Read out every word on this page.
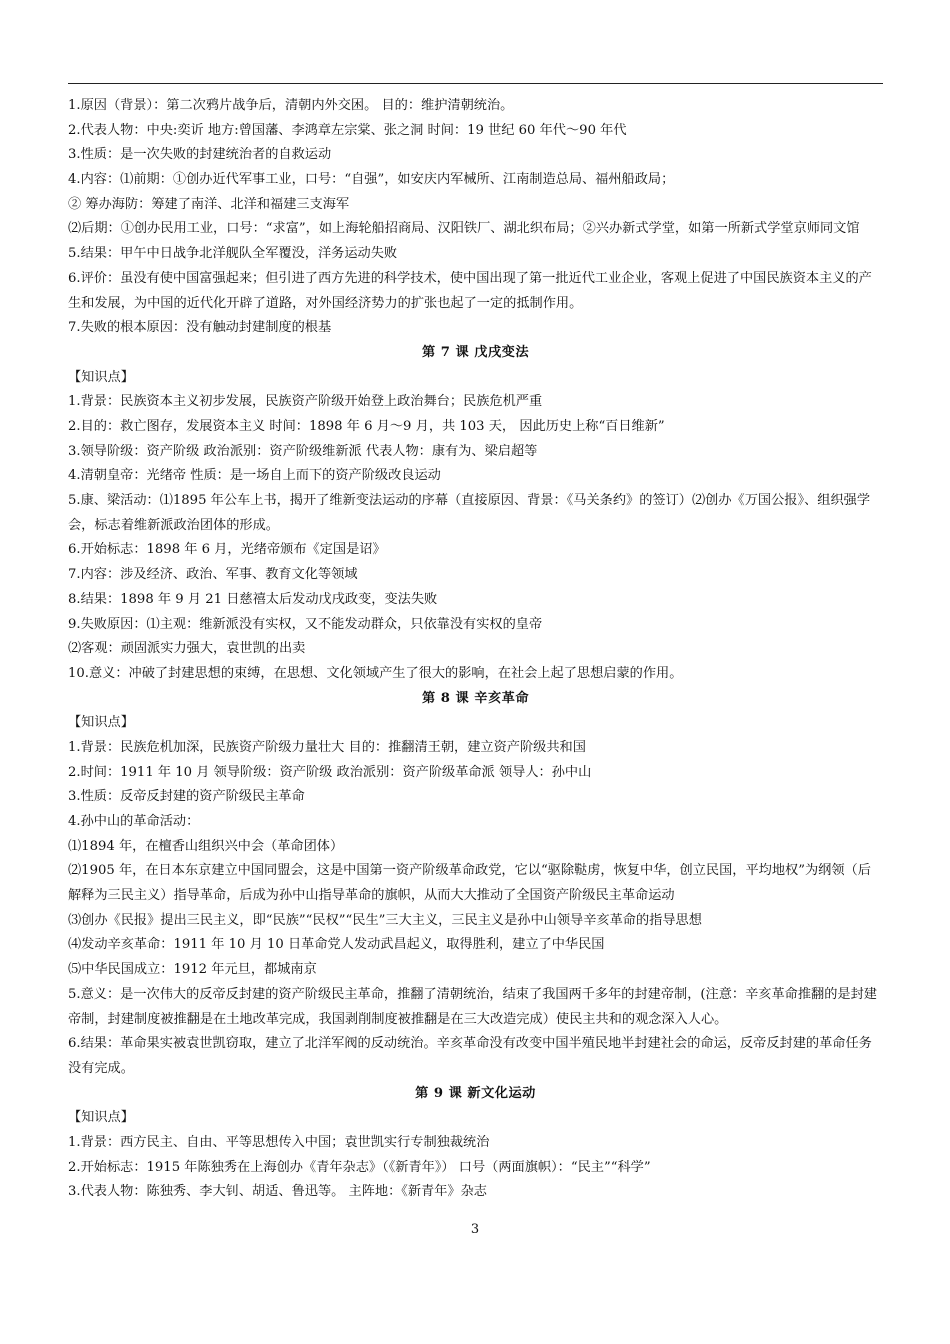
1.原因（背景）：第二次鸦片战争后，清朝内外交困。 目的：维护清朝统治。
2.代表人物：中央:奕䜣 地方:曾国藩、李鸿章左宗棠、张之洞 时间：19 世纪 60 年代～90 年代
3.性质：是一次失败的封建统治者的自救运动
4.内容：⑴前期：①创办近代军事工业，口号：“自强”，如安庆内军械所、江南制造总局、福州船政局；
② 筹办海防：筹建了南洋、北洋和福建三支海军
⑵后期：①创办民用工业，口号：“求富”，如上海轮船招商局、汉阳铁厂、湖北织布局；②兴办新式学堂，如第一所新式学堂京师同文馆
5.结果：甲午中日战争北洋舰队全军覆没，洋务运动失败
6.评价：虽没有使中国富强起来；但引进了西方先进的科学技术，使中国出现了第一批近代工业企业，客观上促进了中国民族资本主义的产生和发展，为中国的近代化开辟了道路，对外国经济势力的扩张也起了一定的抵制作用。
7.失败的根本原因：没有触动封建制度的根基
第 7 课 戊戌变法
【知识点】
1.背景：民族资本主义初步发展，民族资产阶级开始登上政治舞台；民族危机严重
2.目的：救亡图存，发展资本主义 时间：1898 年 6 月～9 月，共 103 天， 因此历史上称“百日维新”
3.领导阶级：资产阶级 政治派别：资产阶级维新派 代表人物：康有为、梁启超等
4.清朝皇帝：光绪帝 性质：是一场自上而下的资产阶级改良运动
5.康、梁活动：⑴1895 年公车上书，揭开了维新变法运动的序幕（直接原因、背景：《马关条约》的签订）⑵创办《万国公报》、组织强学会，标志着维新派政治团体的形成。
6.开始标志：1898 年 6 月，光绪帝颁布《定国是诏》
7.内容：涉及经济、政治、军事、教育文化等领域
8.结果：1898 年 9 月 21 日慈禧太后发动戊戌政变，变法失败
9.失败原因：⑴主观：维新派没有实权，又不能发动群众，只依靠没有实权的皇帝
⑵客观：顽固派实力强大，袁世凯的出卖
10.意义：冲破了封建思想的束缚，在思想、文化领域产生了很大的影响，在社会上起了思想启蒙的作用。
第 8 课 辛亥革命
【知识点】
1.背景：民族危机加深，民族资产阶级力量壮大 目的：推翻清王朝，建立资产阶级共和国
2.时间：1911 年 10 月 领导阶级：资产阶级 政治派别：资产阶级革命派 领导人：孙中山
3.性质：反帝反封建的资产阶级民主革命
4.孙中山的革命活动：
⑴1894 年，在檀香山组织兴中会（革命团体）
⑵1905 年，在日本东京建立中国同盟会，这是中国第一资产阶级革命政党，它以“驱除鞑虏，恢复中华，创立民国，平均地权”为纲领（后解释为三民主义）指导革命，后成为孙中山指导革命的旗帜，从而大大推动了全国资产阶级民主革命运动
⑶创办《民报》提出三民主义，即“民族”“民权”“民生”三大主义，三民主义是孙中山领导辛亥革命的指导思想
⑷发动辛亥革命：1911 年 10 月 10 日革命党人发动武昌起义，取得胜利，建立了中华民国
⑸中华民国成立：1912 年元旦，都城南京
5.意义：是一次伟大的反帝反封建的资产阶级民主革命，推翻了清朝统治，结束了我国两千多年的封建帝制，(注意：辛亥革命推翻的是封建帝制，封建制度被推翻是在土地改革完成，我国剥削制度被推翻是在三大改造完成）使民主共和的观念深入人心。
6.结果：革命果实被袁世凯窃取，建立了北洋军阀的反动统治。辛亥革命没有改变中国半殖民地半封建社会的命运，反帝反封建的革命任务没有完成。
第 9 课 新文化运动
【知识点】
1.背景：西方民主、自由、平等思想传入中国；袁世凯实行专制独裁统治
2.开始标志：1915 年陈独秀在上海创办《青年杂志》（《新青年》） 口号（两面旗帜）：“民主”“科学”
3.代表人物：陈独秀、李大钊、胡适、鲁迅等。 主阵地：《新青年》杂志
3
